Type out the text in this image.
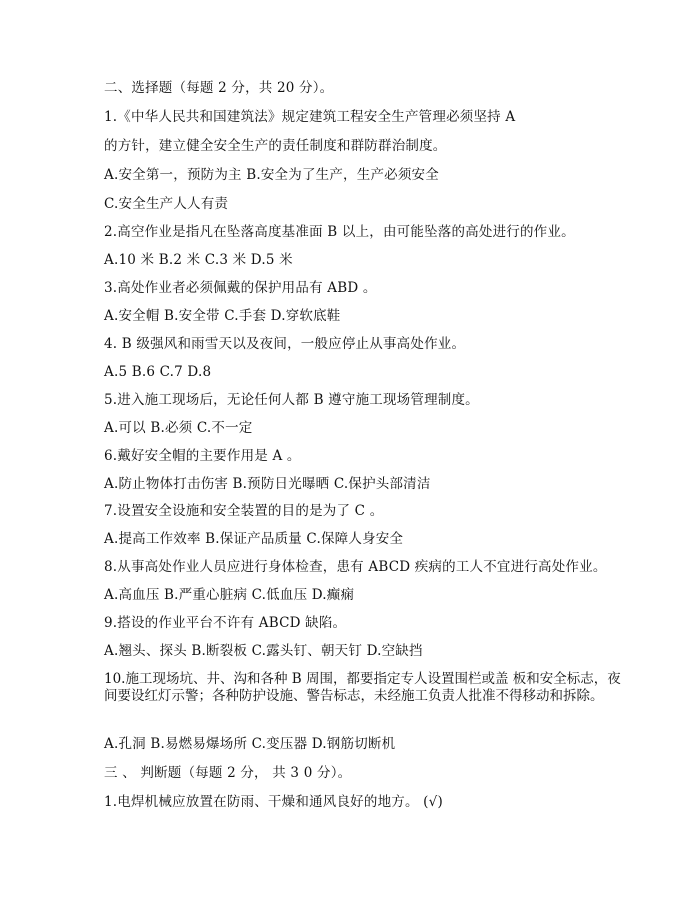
二、选择题（每题 2 分，共 20 分）。
1.《中华人民共和国建筑法》规定建筑工程安全生产管理必须坚持 A
的方针，建立健全安全生产的责任制度和群防群治制度。
A.安全第一，预防为主 B.安全为了生产，生产必须安全
C.安全生产人人有责
2.高空作业是指凡在坠落高度基准面 B 以上，由可能坠落的高处进行的作业。
A.10 米 B.2 米 C.3 米 D.5 米
3.高处作业者必须佩戴的保护用品有 ABD 。
A.安全帽 B.安全带 C.手套 D.穿软底鞋
4. B 级强风和雨雪天以及夜间，一般应停止从事高处作业。
A.5 B.6 C.7 D.8
5.进入施工现场后，无论任何人都 B 遵守施工现场管理制度。
A.可以 B.必须 C.不一定
6.戴好安全帽的主要作用是 A 。
A.防止物体打击伤害 B.预防日光曝晒 C.保护头部清洁
7.设置安全设施和安全装置的目的是为了 C 。
A.提高工作效率 B.保证产品质量 C.保障人身安全
8.从事高处作业人员应进行身体检查，患有 ABCD 疾病的工人不宜进行高处作业。
A.高血压 B.严重心脏病 C.低血压 D.癫痫
9.搭设的作业平台不许有 ABCD 缺陷。
A.翘头、探头 B.断裂板 C.露头钉、朝天钉 D.空缺挡
10.施工现场坑、井、沟和各种 B 周围，都要指定专人设置围栏或盖 板和安全标志，夜间要设红灯示警；各种防护设施、警告标志，未经施工负责人批准不得移动和拆除。
A.孔洞 B.易燃易爆场所 C.变压器 D.钢筋切断机
三 、 判断题（每题 2 分， 共 3 0 分）。
1.电焊机械应放置在防雨、干燥和通风良好的地方。 (√)
